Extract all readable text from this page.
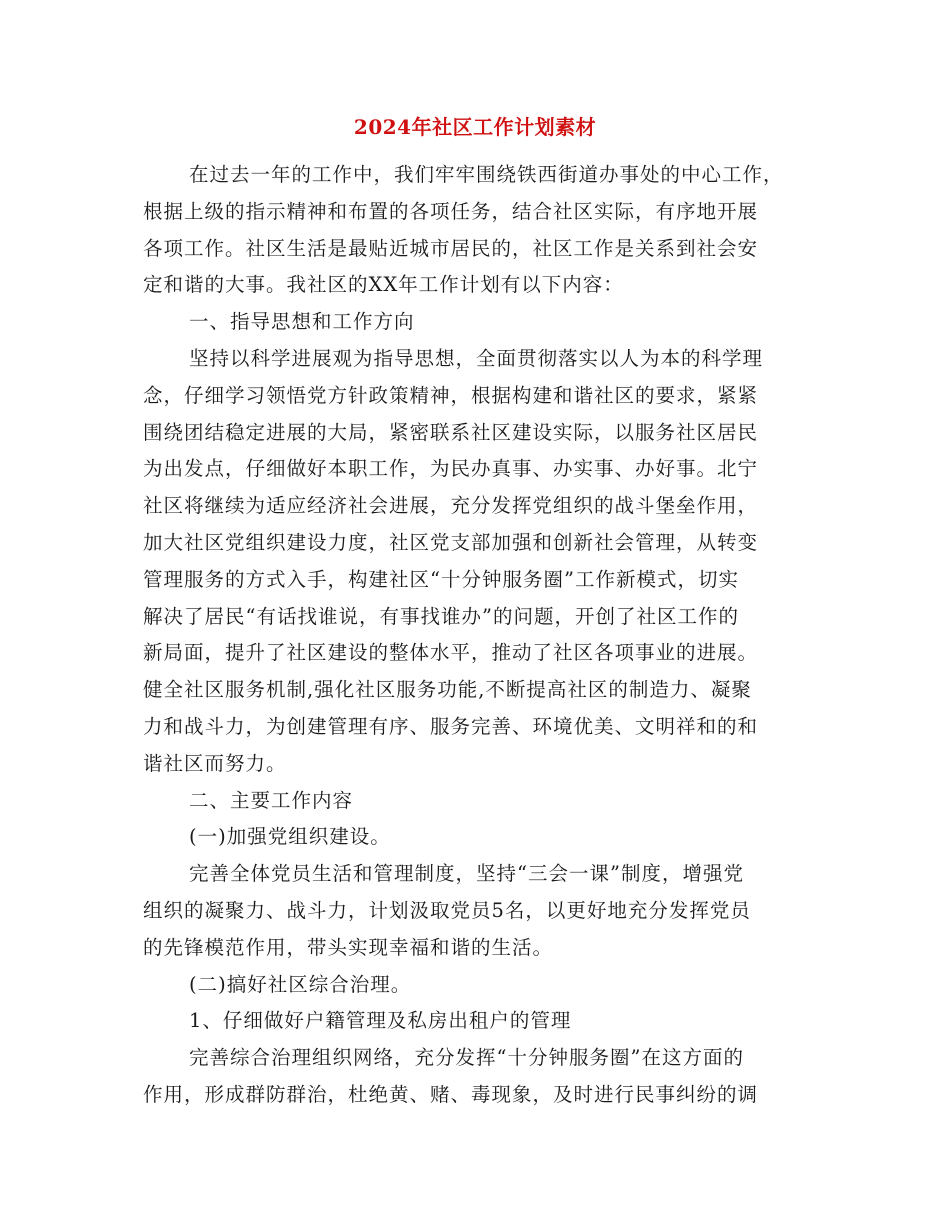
2024年社区工作计划素材
在过去一年的工作中，我们牢牢围绕铁西街道办事处的中心工作，
根据上级的指示精神和布置的各项任务，结合社区实际，有序地开展
各项工作。社区生活是最贴近城市居民的，社区工作是关系到社会安
定和谐的大事。我社区的XX年工作计划有以下内容：
一、指导思想和工作方向
坚持以科学进展观为指导思想，全面贯彻落实以人为本的科学理
念，仔细学习领悟党方针政策精神，根据构建和谐社区的要求，紧紧
围绕团结稳定进展的大局，紧密联系社区建设实际，以服务社区居民
为出发点，仔细做好本职工作，为民办真事、办实事、办好事。北宁
社区将继续为适应经济社会进展，充分发挥党组织的战斗堡垒作用，
加大社区党组织建设力度，社区党支部加强和创新社会管理，从转变
管理服务的方式入手，构建社区“十分钟服务圈”工作新模式，切实
解决了居民“有话找谁说，有事找谁办”的问题，开创了社区工作的
新局面，提升了社区建设的整体水平，推动了社区各项事业的进展。
健全社区服务机制,强化社区服务功能,不断提高社区的制造力、凝聚
力和战斗力，为创建管理有序、服务完善、环境优美、文明祥和的和
谐社区而努力。
二、主要工作内容
(一)加强党组织建设。
完善全体党员生活和管理制度，坚持“三会一课”制度，增强党
组织的凝聚力、战斗力，计划汲取党员5名，以更好地充分发挥党员
的先锋模范作用，带头实现幸福和谐的生活。
(二)搞好社区综合治理。
1、仔细做好户籍管理及私房出租户的管理
完善综合治理组织网络，充分发挥“十分钟服务圈”在这方面的
作用，形成群防群治，杜绝黄、赌、毒现象，及时进行民事纠纷的调
